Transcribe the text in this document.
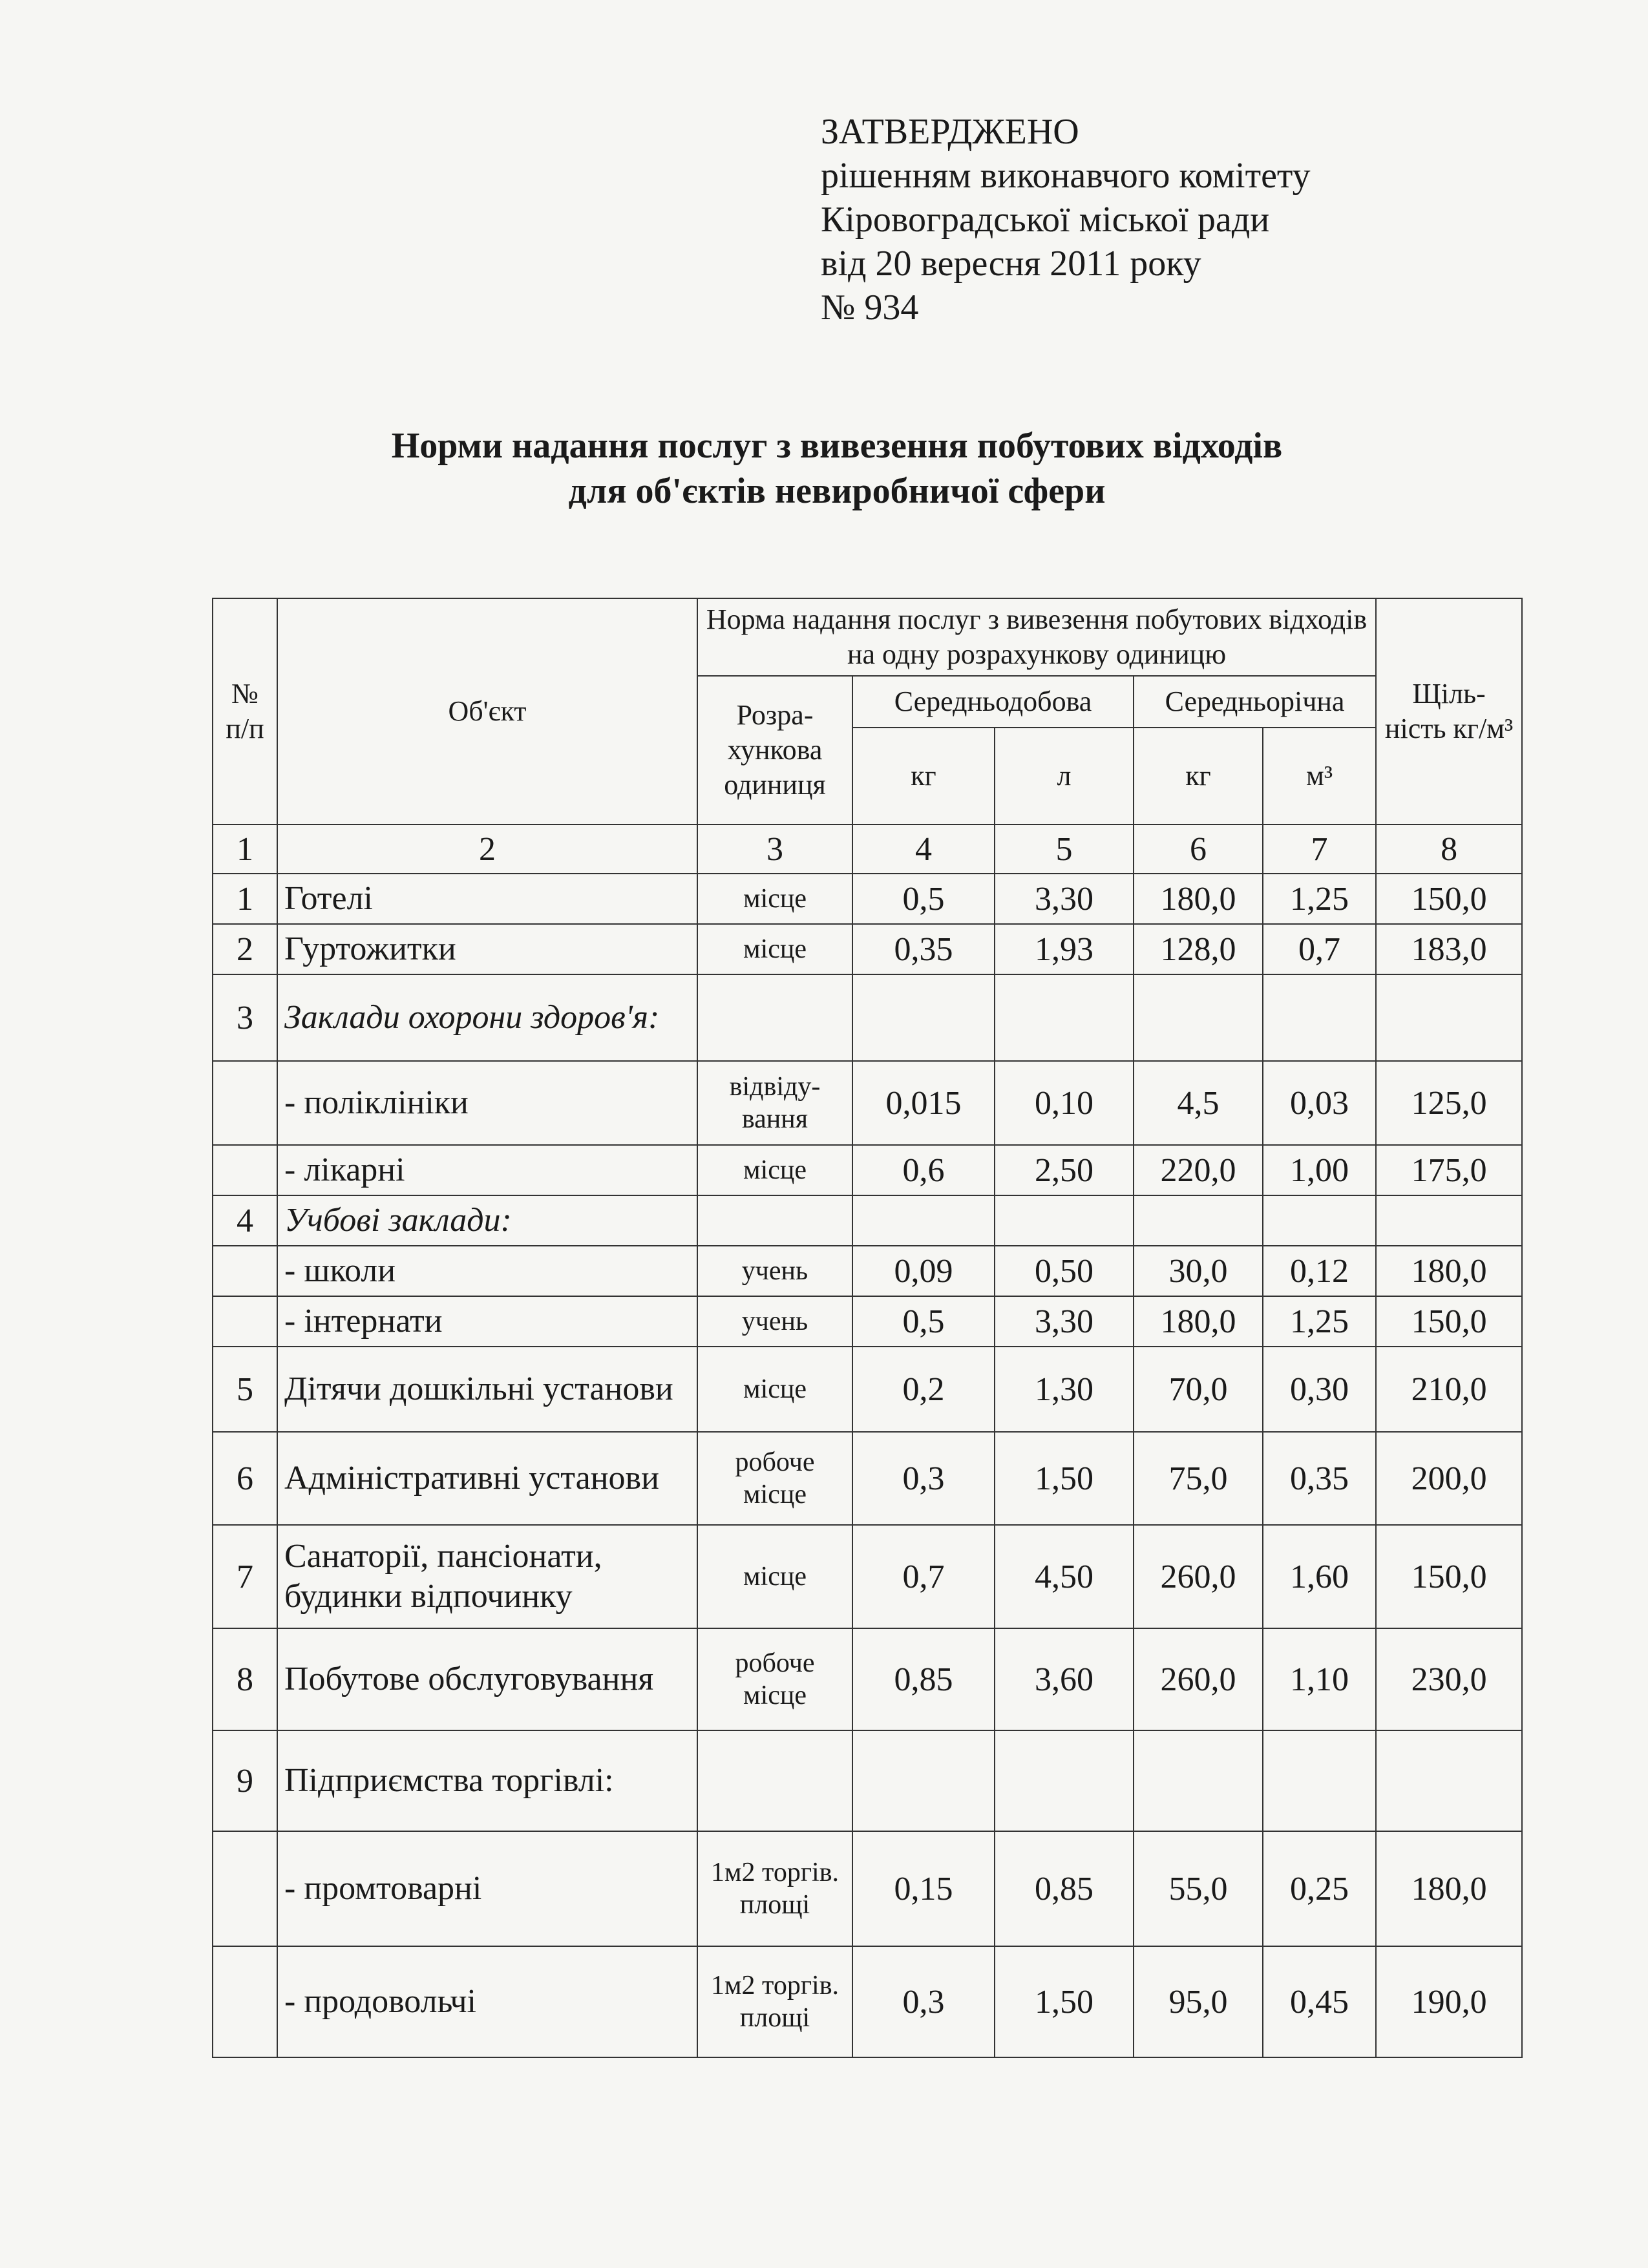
ЗАТВЕРДЖЕНО
рішенням виконавчого комітету
Кіровоградської міської ради
від 20 вересня 2011 року
№ 934
Норми надання послуг з вивезення побутових відходів
для об'єктів невиробничої сфери
№ п/п	Об'єкт	Норма надання послуг з вивезення побутових відходів на одну розрахункову одиницю					Щіль-ність кг/м³
		Розра-хункова одиниця	Середньодобова		Середньорічна		
			кг	л	кг	м³	
1	2	3	4	5	6	7	8
1	Готелі	місце	0,5	3,30	180,0	1,25	150,0
2	Гуртожитки	місце	0,35	1,93	128,0	0,7	183,0
3	Заклади охорони здоров'я:						
	- поліклініки	відвіду-вання	0,015	0,10	4,5	0,03	125,0
	- лікарні	місце	0,6	2,50	220,0	1,00	175,0
4	Учбові заклади:						
	- школи	учень	0,09	0,50	30,0	0,12	180,0
	- інтернати	учень	0,5	3,30	180,0	1,25	150,0
5	Дітячи дошкільні установи	місце	0,2	1,30	70,0	0,30	210,0
6	Адміністративні установи	робоче місце	0,3	1,50	75,0	0,35	200,0
7	Санаторії, пансіонати, будинки відпочинку	місце	0,7	4,50	260,0	1,60	150,0
8	Побутове обслуговування	робоче місце	0,85	3,60	260,0	1,10	230,0
9	Підприємства торгівлі:						
	- промтоварні	1м2 торгів. площі	0,15	0,85	55,0	0,25	180,0
	- продовольчі	1м2 торгів. площі	0,3	1,50	95,0	0,45	190,0
